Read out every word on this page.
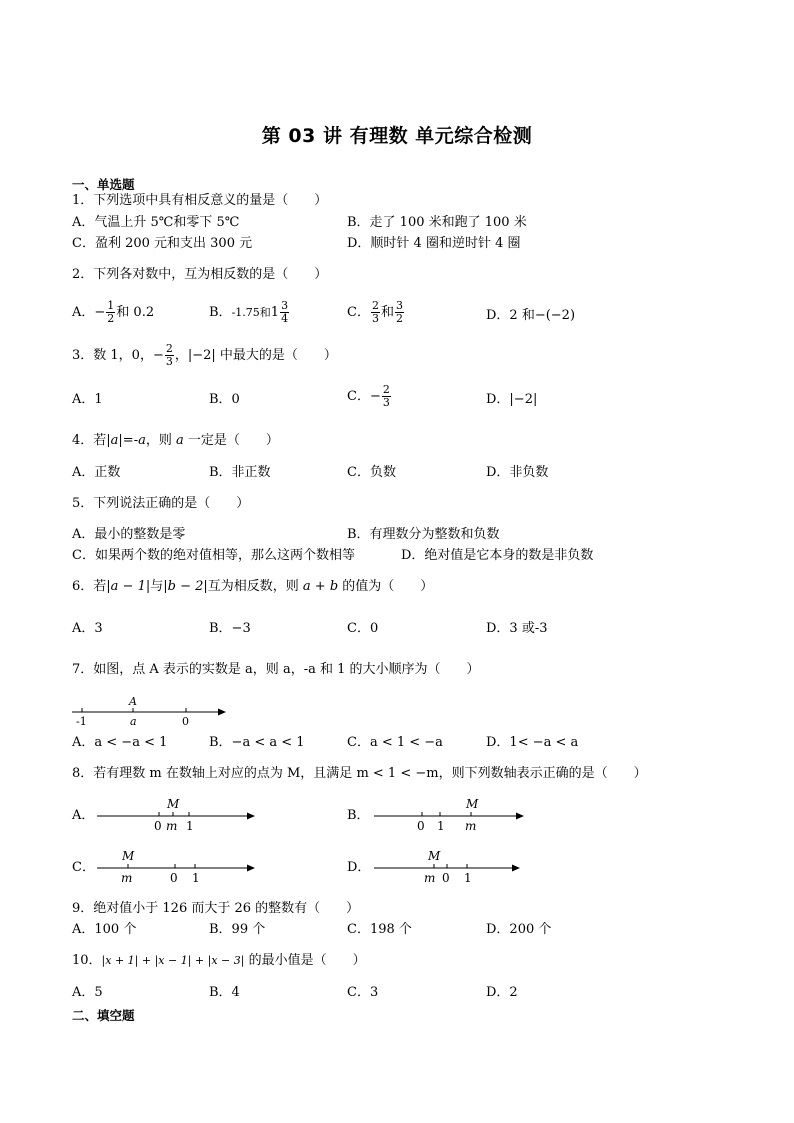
第 03 讲 有理数 单元综合检测
一、单选题
1．下列选项中具有相反意义的量是（　　）
A．气温上升 5℃和零下 5℃	B．走了 100 米和跑了 100 米
C．盈利 200 元和支出 300 元	D．顺时针 4 圈和逆时针 4 圈
2．下列各对数中，互为相反数的是（　　）
A．− $\frac{1}{2}$ 和 0.2	B．-1.75和$1 \frac{3}{4}$	C． $\frac{2}{3}$ 和 $\frac{3}{2}$	D．2 和−(−2)
3．数 1，0，− $\frac{2}{3}$ ，|−2| 中最大的是（　　）
A．1	B．0	C．− $\frac{2}{3}$	D．|−2|
4．若|a|=-a，则 a 一定是（　　）
A．正数	B．非正数	C．负数	D．非负数
5．下列说法正确的是（　　）
A．最小的整数是零	B．有理数分为整数和负数
C．如果两个数的绝对值相等，那么这两个数相等	D．绝对值是它本身的数是非负数
6．若|a − 1|与|b − 2|互为相反数，则 a + b 的值为（　　）
A．3	B．−3	C．0	D．3 或-3
7．如图，点 A 表示的实数是 a，则 a，-a 和 1 的大小顺序为（　　）
-1
A
a	0
A．a < −a < 1	B．−a < a < 1	C．a < 1 < −a	D．1< −a < a
8．若有理数 m 在数轴上对应的点为 M，且满足 m < 1 < −m，则下列数轴表示正确的是（　　）
A．
M
0 m 1
B．
M
0 1 m
C．
M
m	0 1
D．
M
m 0 1
9．绝对值小于 126 而大于 26 的整数有（　　）
A．100 个	B．99 个	C．198 个	D．200 个
10．|x + 1| + |x − 1| + |x − 3| 的最小值是（　　）
A．5	B．4	C．3	D．2
二、填空题
